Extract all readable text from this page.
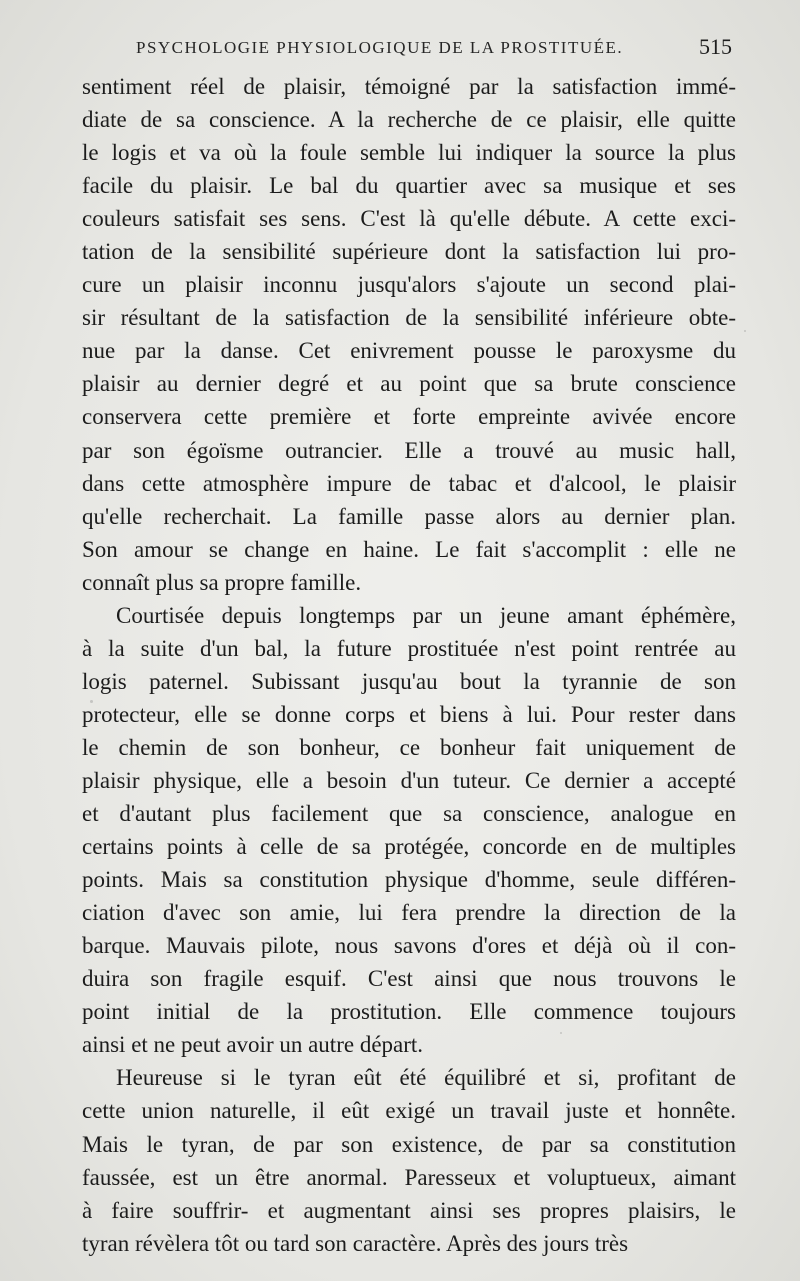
PSYCHOLOGIE PHYSIOLOGIQUE DE LA PROSTITUÉE.	515
sentiment réel de plaisir, témoigné par la satisfaction immé-
diate de sa conscience. A la recherche de ce plaisir, elle quitte
le logis et va où la foule semble lui indiquer la source la plus
facile du plaisir. Le bal du quartier avec sa musique et ses
couleurs satisfait ses sens. C'est là qu'elle débute. A cette exci-
tation de la sensibilité supérieure dont la satisfaction lui pro-
cure un plaisir inconnu jusqu'alors s'ajoute un second plai-
sir résultant de la satisfaction de la sensibilité inférieure obte-
nue par la danse. Cet enivrement pousse le paroxysme du
plaisir au dernier degré et au point que sa brute conscience
conservera cette première et forte empreinte avivée encore
par son égoïsme outrancier. Elle a trouvé au music hall,
dans cette atmosphère impure de tabac et d'alcool, le plaisir
qu'elle recherchait. La famille passe alors au dernier plan.
Son amour se change en haine. Le fait s'accomplit : elle ne
connaît plus sa propre famille.
Courtisée depuis longtemps par un jeune amant éphémère,
à la suite d'un bal, la future prostituée n'est point rentrée au
logis paternel. Subissant jusqu'au bout la tyrannie de son
protecteur, elle se donne corps et biens à lui. Pour rester dans
le chemin de son bonheur, ce bonheur fait uniquement de
plaisir physique, elle a besoin d'un tuteur. Ce dernier a accepté
et d'autant plus facilement que sa conscience, analogue en
certains points à celle de sa protégée, concorde en de multiples
points. Mais sa constitution physique d'homme, seule différen-
ciation d'avec son amie, lui fera prendre la direction de la
barque. Mauvais pilote, nous savons d'ores et déjà où il con-
duira son fragile esquif. C'est ainsi que nous trouvons le
point initial de la prostitution. Elle commence toujours
ainsi et ne peut avoir un autre départ.
Heureuse si le tyran eût été équilibré et si, profitant de
cette union naturelle, il eût exigé un travail juste et honnête.
Mais le tyran, de par son existence, de par sa constitution
faussée, est un être anormal. Paresseux et voluptueux, aimant
à faire souffrir- et augmentant ainsi ses propres plaisirs, le
tyran révèlera tôt ou tard son caractère. Après des jours très
